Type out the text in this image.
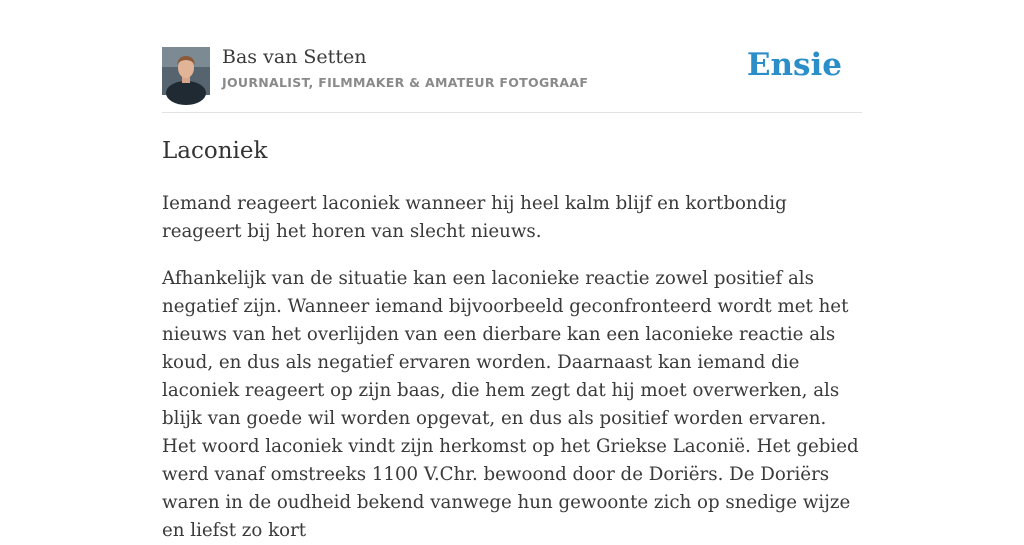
Bas van Setten
JOURNALIST, FILMMAKER & AMATEUR FOTOGRAAF	Ensie
Laconiek

Iemand reageert laconiek wanneer hij heel kalm blijf en kortbondig reageert bij het horen van slecht nieuws.

Afhankelijk van de situatie kan een laconieke reactie zowel positief als negatief zijn. Wanneer iemand bijvoorbeeld geconfronteerd wordt met het nieuws van het overlijden van een dierbare kan een laconieke reactie als koud, en dus als negatief ervaren worden. Daarnaast kan iemand die laconiek reageert op zijn baas, die hem zegt dat hij moet overwerken, als blijk van goede wil worden opgevat, en dus als positief worden ervaren.

Het woord laconiek vindt zijn herkomst op het Griekse Laconië. Het gebied werd vanaf omstreeks 1100 V.Chr. bewoond door de Doriërs. De Doriërs waren in de oudheid bekend vanwege hun gewoonte zich op snedige wijze en liefst zo kort
